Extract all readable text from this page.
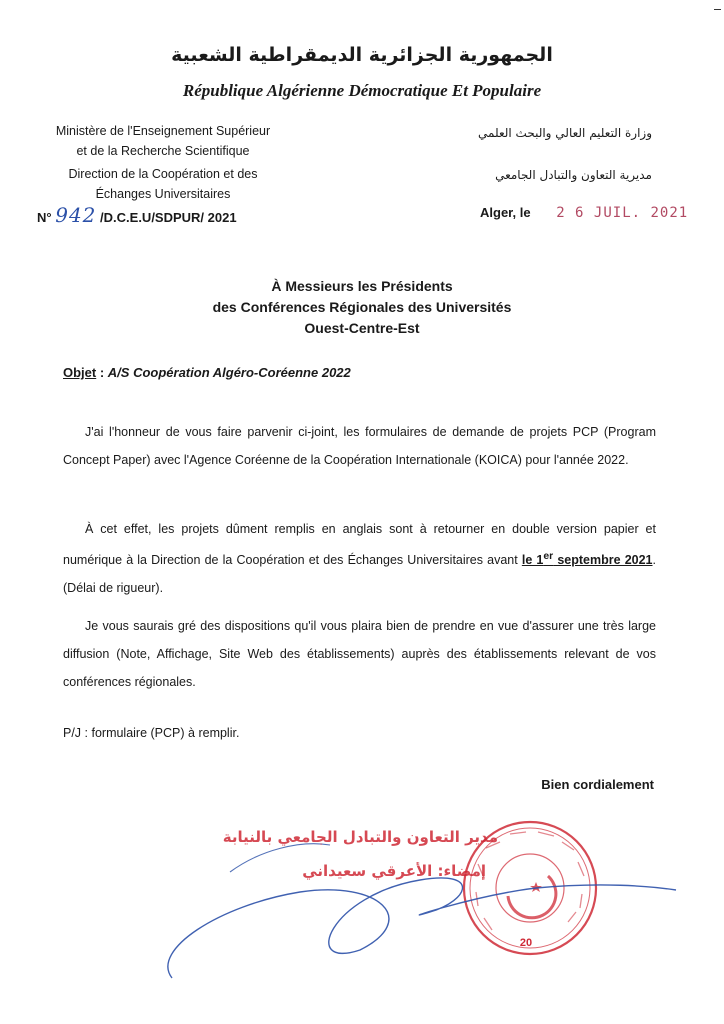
الجمهورية الجزائرية الديمقراطية الشعبية
République Algérienne Démocratique Et Populaire
Ministère de l'Enseignement Supérieur
et de la Recherche Scientifique
Direction de la Coopération et des
Échanges Universitaires
وزارة التعليم العالي والبحث العلمي
مديرية التعاون والتبادل الجامعي
N° 942 /D.C.E.U/SDPUR/ 2021	Alger, le 2 6 JUIL. 2021
À Messieurs les Présidents
des Conférences Régionales des Universités
Ouest-Centre-Est
Objet : A/S Coopération Algéro-Coréenne 2022
J'ai l'honneur de vous faire parvenir ci-joint, les formulaires de demande de projets PCP (Program Concept Paper) avec l'Agence Coréenne de la Coopération Internationale (KOICA) pour l'année 2022.
À cet effet, les projets dûment remplis en anglais sont à retourner en double version papier et numérique à la Direction de la Coopération et des Échanges Universitaires avant le 1er septembre 2021. (Délai de rigueur).
Je vous saurais gré des dispositions qu'il vous plaira bien de prendre en vue d'assurer une très large diffusion (Note, Affichage, Site Web des établissements) auprès des établissements relevant de vos conférences régionales.
P/J : formulaire (PCP) à remplir.
Bien cordialement
20
مدير التعاون والتبادل الجامعي بالنيابة
إمضاء: الأعرقي سعيداني
